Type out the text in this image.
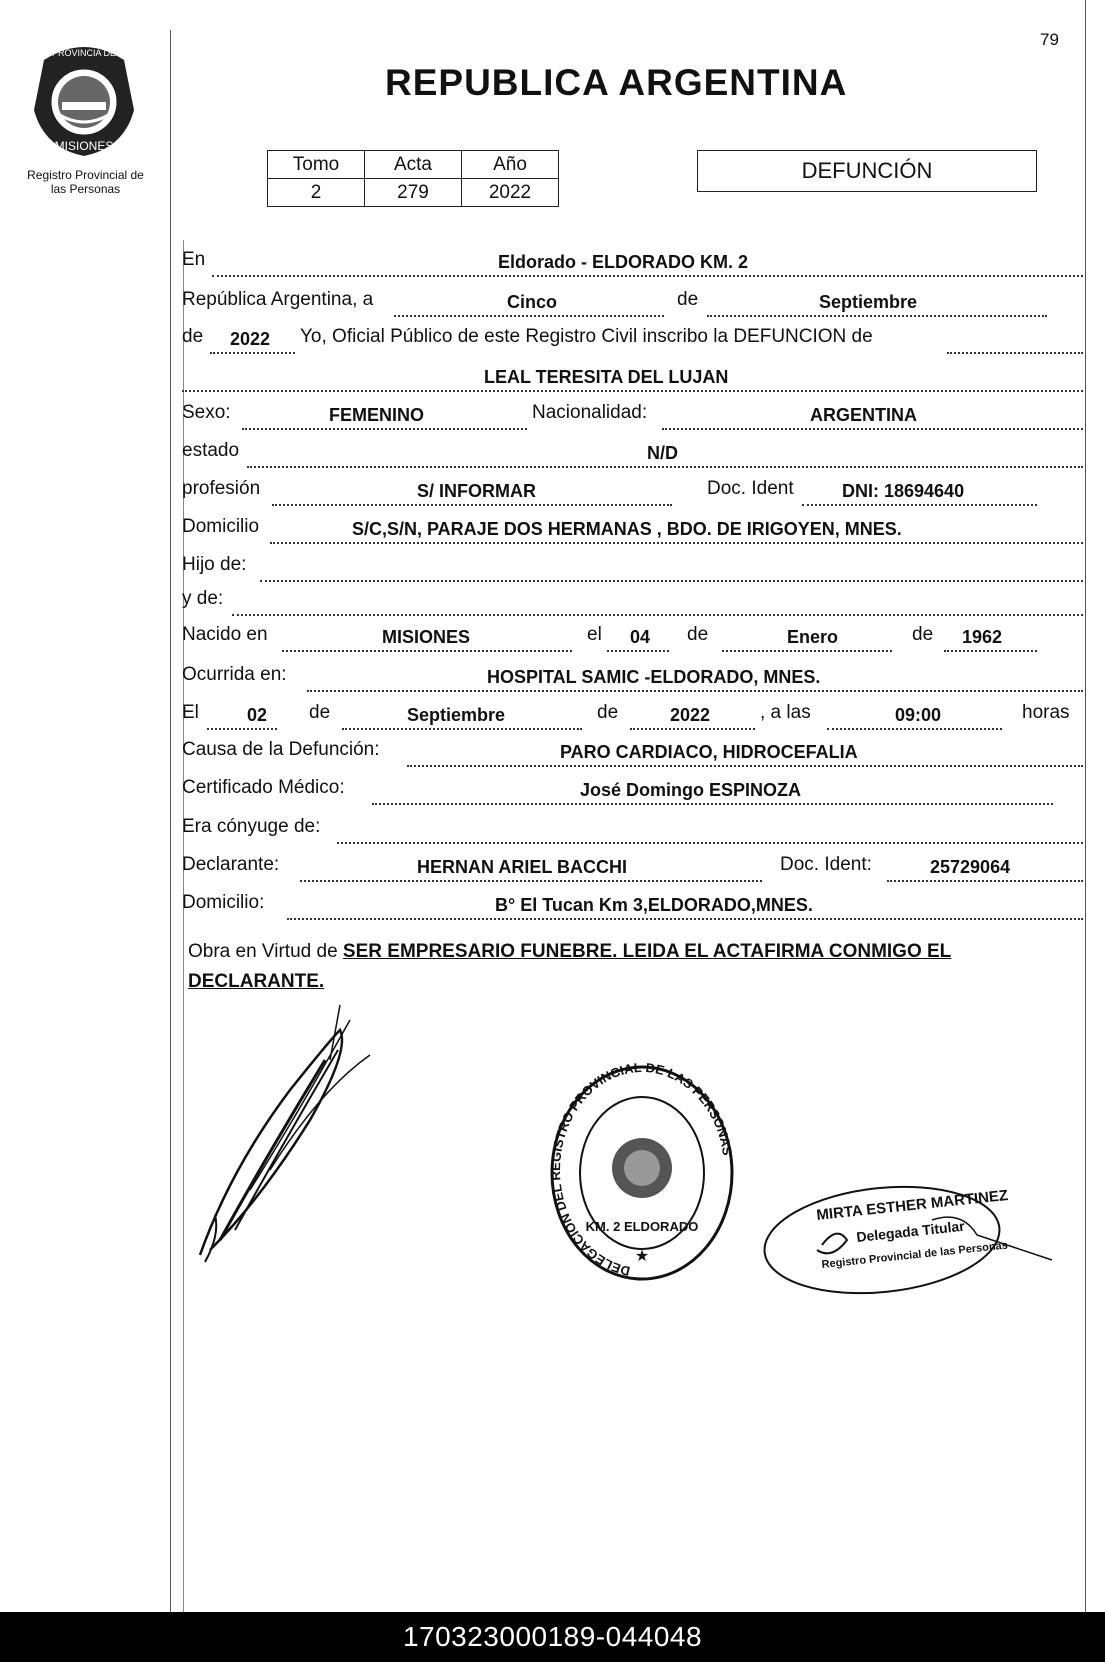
PROVINCIA DE
MISIONES
Registro Provincial de
las Personas
79
REPUBLICA ARGENTINA
Tomo	Acta	Año
2	279	2022
DEFUNCIÓN
En	Eldorado - ELDORADO KM. 2
República Argentina, a	Cinco	de	Septiembre
de 2022 Yo, Oficial Público de este Registro Civil inscribo la DEFUNCION de
LEAL TERESITA DEL LUJAN
Sexo:	FEMENINO	Nacionalidad:	ARGENTINA
estado	N/D
profesión	S/ INFORMAR	Doc. Ident	DNI: 18694640
Domicilio	S/C,S/N, PARAJE DOS HERMANAS , BDO. DE IRIGOYEN, MNES.
Hijo de:
y de:
Nacido en	MISIONES	el 04 de	Enero	de 1962
Ocurrida en:	HOSPITAL SAMIC -ELDORADO, MNES.
El	02 de	Septiembre	de	2022	, a las	09:00	horas
Causa de la Defunción:	PARO CARDIACO, HIDROCEFALIA
Certificado Médico:	José Domingo ESPINOZA
Era cónyuge de:
Declarante:	HERNAN ARIEL BACCHI	Doc. Ident:	25729064
Domicilio:	B° El Tucan Km 3,ELDORADO,MNES.
Obra en Virtud de SER EMPRESARIO FUNEBRE. LEIDA EL ACTAFIRMA CONMIGO EL DECLARANTE.
DELEGACION DEL REGISTRO PROVINCIAL DE LAS PERSONAS
KM. 2 ELDORADO
★
MIRTA ESTHER MARTINEZ
Delegada Titular
Registro Provincial de las Personas
170323000189-044048
